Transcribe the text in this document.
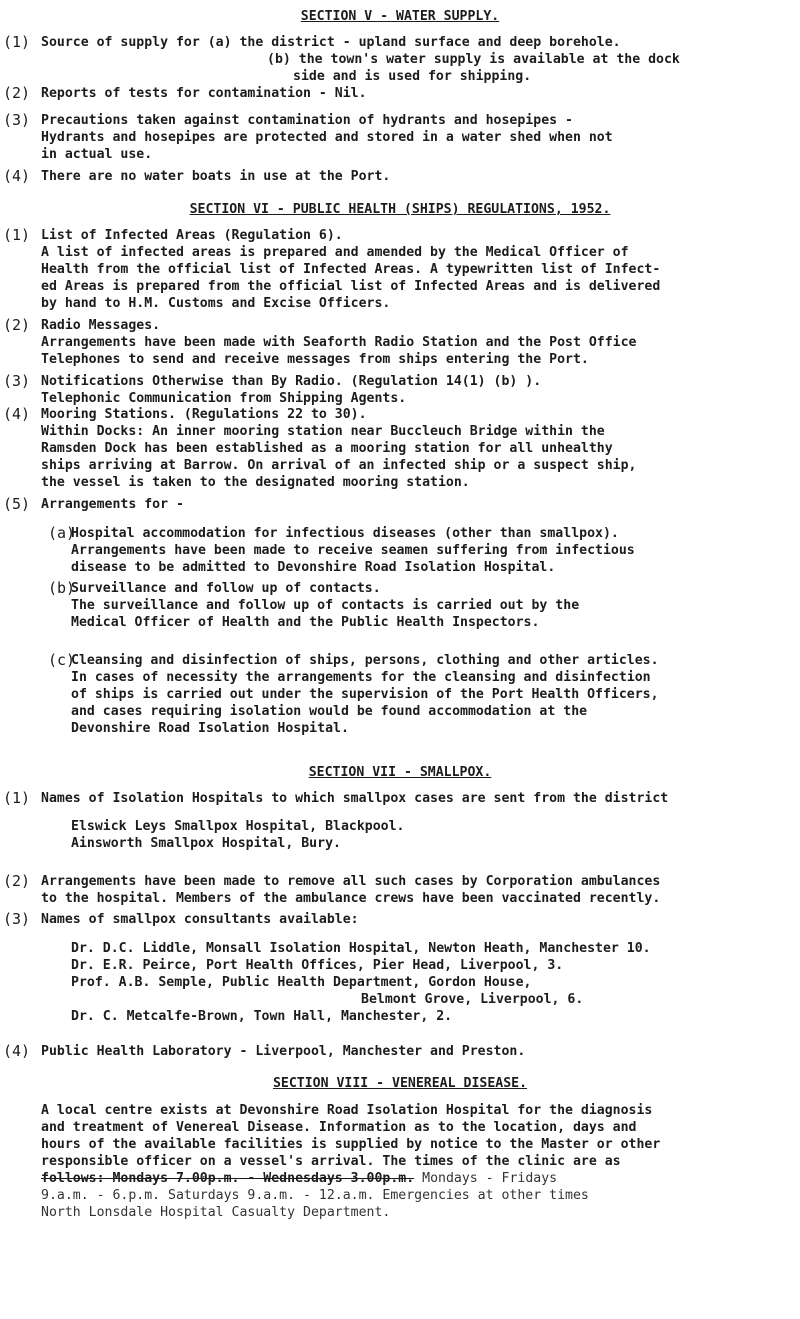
SECTION V - WATER SUPPLY.
(1) Source of supply for (a) the district - upland surface and deep borehole.

(b) the town's water supply is available at the dock

side and is used for shipping.

(2) Reports of tests for contamination - Nil.

(3) Precautions taken against contamination of hydrants and hosepipes -

Hydrants and hosepipes are protected and stored in a water shed when not

in actual use.

(4) There are no water boats in use at the Port.

SECTION VI - PUBLIC HEALTH (SHIPS) REGULATIONS, 1952.
(1) List of Infected Areas (Regulation 6).

A list of infected areas is prepared and amended by the Medical Officer of

Health from the official list of Infected Areas. A typewritten list of Infect-

ed Areas is prepared from the official list of Infected Areas and is delivered

by hand to H.M. Customs and Excise Officers.

(2) Radio Messages.

Arrangements have been made with Seaforth Radio Station and the Post Office

Telephones to send and receive messages from ships entering the Port.

(3) Notifications Otherwise than By Radio. (Regulation 14(1) (b) ).

Telephonic Communication from Shipping Agents.

(4) Mooring Stations. (Regulations 22 to 30).

Within Docks: An inner mooring station near Buccleuch Bridge within the

Ramsden Dock has been established as a mooring station for all unhealthy

ships arriving at Barrow. On arrival of an infected ship or a suspect ship,

the vessel is taken to the designated mooring station.

(5) Arrangements for -

(a)

Hospital accommodation for infectious diseases (other than smallpox).

Arrangements have been made to receive seamen suffering from infectious

disease to be admitted to Devonshire Road Isolation Hospital.

(b)

Surveillance and follow up of contacts.

The surveillance and follow up of contacts is carried out by the

Medical Officer of Health and the Public Health Inspectors.

(c)

Cleansing and disinfection of ships, persons, clothing and other articles.

In cases of necessity the arrangements for the cleansing and disinfection

of ships is carried out under the supervision of the Port Health Officers,

and cases requiring isolation would be found accommodation at the

Devonshire Road Isolation Hospital.

SECTION VII - SMALLPOX.
(1) Names of Isolation Hospitals to which smallpox cases are sent from the district

Elswick Leys Smallpox Hospital, Blackpool.

Ainsworth Smallpox Hospital, Bury.

(2) Arrangements have been made to remove all such cases by Corporation ambulances

to the hospital. Members of the ambulance crews have been vaccinated recently.

(3) Names of smallpox consultants available:

Dr. D.C. Liddle, Monsall Isolation Hospital, Newton Heath, Manchester 10.

Dr. E.R. Peirce, Port Health Offices, Pier Head, Liverpool, 3.

Prof. A.B. Semple, Public Health Department, Gordon House,

Belmont Grove, Liverpool, 6.

Dr. C. Metcalfe-Brown, Town Hall, Manchester, 2.

(4) Public Health Laboratory - Liverpool, Manchester and Preston.

SECTION VIII - VENEREAL DISEASE.

A local centre exists at Devonshire Road Isolation Hospital for the diagnosis

and treatment of Venereal Disease. Information as to the location, days and

hours of the available facilities is supplied by notice to the Master or other

responsible officer on a vessel's arrival. The times of the clinic are as

follows: Mondays 7.00p.m. - Wednesdays 3.00p.m. Mondays - Fridays

9.a.m. - 6.p.m. Saturdays 9.a.m. - 12.a.m. Emergencies at other times

North Lonsdale Hospital Casualty Department.
